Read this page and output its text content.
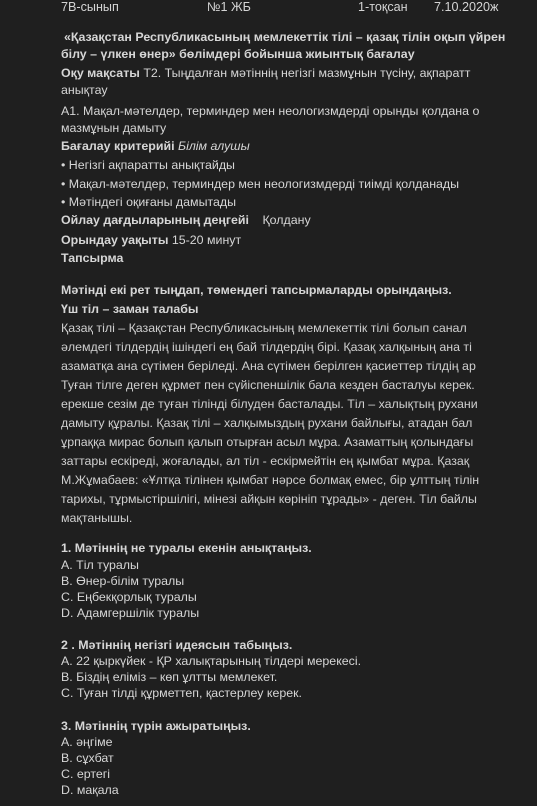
7В-сынып	№1 ЖБ	1-тоқсан 7.10.2020ж
«Қазақстан Республикасының мемлекеттік тілі – қазақ тілін оқып үйрен
білу – үлкен өнер» бөлімдері бойынша жиынтық бағалау
Оқу мақсаты Т2. Тыңдалған мәтіннің негізгі мазмұнын түсіну, ақпаратт
анықтау
А1. Мақал-мәтелдер, терминдер мен неологизмдерді орынды қолдана о
мазмұнын дамыту
Бағалау критерийі Білім алушы
• Негізгі ақпаратты анықтайды
• Мақал-мәтелдер, терминдер мен неологизмдерді тиімді қолданады
• Мәтіндегі оқиғаны дамытады
Ойлау дағдыларының деңгейі Қолдану
Орындау уақыты 15-20 минут
Тапсырма
Мәтінді екі рет тыңдап, төмендегі тапсырмаларды орындаңыз.
Үш тіл – заман талабы
Қазақ тілі – Қазақстан Республикасының мемлекеттік тілі болып санал
әлемдегі тілдердің ішіндегі ең бай тілдердің бірі. Қазақ халқының ана ті
азаматқа ана сүтімен беріледі. Ана сүтімен берілген қасиеттер тілдің ар
Туған тілге деген құрмет пен сүйіспеншілік бала кезден басталуы керек.
ерекше сезім де туған тілінді білуден басталады. Тіл – халықтың рухани
дамыту құралы. Қазақ тілі – халқымыздың рухани байлығы, атадан бал
ұрпаққа мирас болып қалып отырған асыл мұра. Азаматтың қолындағы
заттары ескіреді, жоғалады, ал тіл - ескірмейтін ең қымбат мұра. Қазақ
М.Жұмабаев: «Ұлтқа тілінен қымбат нәрсе болмақ емес, бір ұлттың тілін
тарихы, тұрмыстіршілігі, мінезі айқын көрініп тұрады» - деген. Тіл байлы
мақтанышы.
1. Мәтіннің не туралы екенін анықтаңыз.
A. Тіл туралы
B. Өнер-білім туралы
C. Еңбекқорлық туралы
D. Адамгершілік туралы
2 . Мәтіннің негізгі идеясын табыңыз.
A. 22 қыркүйек - ҚР халықтарының тілдері мерекесі.
B. Біздің еліміз – көп ұлтты мемлекет.
C. Туған тілді құрметтеп, қастерлеу керек.
3. Мәтіннің түрін ажыратыңыз.
A. әңгіме
B. сұхбат
C. ертегі
D. мақала
